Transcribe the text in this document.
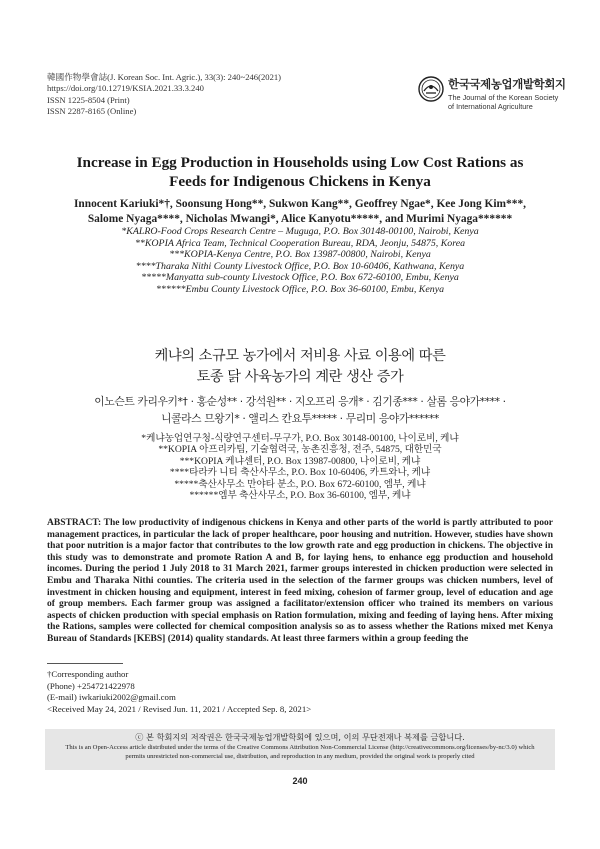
韓國作物學會誌(J. Korean Soc. Int. Agric.), 33(3): 240~246(2021)
https://doi.org/10.12719/KSIA.2021.33.3.240
ISSN 1225-8504 (Print)
ISSN 2287-8165 (Online)
한국국제농업개발학회지
The Journal of the Korean Society
of International Agriculture
Increase in Egg Production in Households using Low Cost Rations as
Feeds for Indigenous Chickens in Kenya
Innocent Kariuki*†, Soonsung Hong**, Sukwon Kang**, Geoffrey Ngae*, Kee Jong Kim***,
Salome Nyaga****, Nicholas Mwangi*, Alice Kanyotu*****, and Murimi Nyaga******
*KALRO-Food Crops Research Centre – Muguga, P.O. Box 30148-00100, Nairobi, Kenya
**KOPIA Africa Team, Technical Cooperation Bureau, RDA, Jeonju, 54875, Korea
***KOPIA-Kenya Centre, P.O. Box 13987-00800, Nairobi, Kenya
****Tharaka Nithi County Livestock Office, P.O. Box 10-60406, Kathwana, Kenya
*****Manyatta sub-county Livestock Office, P.O. Box 672-60100, Embu, Kenya
******Embu County Livestock Office, P.O. Box 36-60100, Embu, Kenya
케냐의 소규모 농가에서 저비용 사료 이용에 따른
토종 닭 사육농가의 계란 생산 증가
이노슨트 카리우키*† · 홍순성** · 강석원** · 지오프리 응개* · 김기종*** · 살롬 응야가**** ·
니콜라스 므왕기* · 앨리스 칸요투***** · 무리미 응야가******
*케냐농업연구청-식량연구센터-무구가, P.O. Box 30148-00100, 나이로비, 케냐
**KOPIA 아프리카팀, 기술협력국, 농촌진흥청, 전주, 54875, 대한민국
***KOPIA 케냐센터, P.O. Box 13987-00800, 나이로비, 케냐
****타라카 니티 축산사무소, P.O. Box 10-60406, 카트와나, 케냐
*****축산사무소 만야타 분소, P.O. Box 672-60100, 엠부, 케냐
******엠부 축산사무소, P.O. Box 36-60100, 엠부, 케냐

ABSTRACT: The low productivity of indigenous chickens in Kenya and other parts of the world is partly attributed to poor management practices, in particular the lack of proper healthcare, poor housing and nutrition. However, studies have shown that poor nutrition is a major factor that contributes to the low growth rate and egg production in chickens. The objective in this study was to demonstrate and promote Ration A and B, for laying hens, to enhance egg production and household incomes. During the period 1 July 2018 to 31 March 2021, farmer groups interested in chicken production were selected in Embu and Tharaka Nithi counties. The criteria used in the selection of the farmer groups was chicken numbers, level of investment in chicken housing and equipment, interest in feed mixing, cohesion of farmer group, level of education and age of group members. Each farmer group was assigned a facilitator/extension officer who trained its members on various aspects of chicken production with special emphasis on Ration formulation, mixing and feeding of laying hens. After mixing the Rations, samples were collected for chemical composition analysis so as to assess whether the Rations mixed met Kenya Bureau of Standards [KEBS] (2014) quality standards. At least three farmers within a group feeding the

†Corresponding author
(Phone) +254721422978
(E-mail) iwkariuki2002@gmail.com
<Received May 24, 2021 / Revised Jun. 11, 2021 / Accepted Sep. 8, 2021>
ⓒ 본 학회지의 저작권은 한국국제농업개발학회에 있으며, 이의 무단전재나 복제를 금합니다.
This is an Open-Access article distributed under the terms of the Creative Commons Attribution Non-Commercial License (http://creativecommons.org/licenses/by-nc/3.0) which
permits unrestricted non-commercial use, distribution, and reproduction in any medium, provided the original work is properly cited
240
